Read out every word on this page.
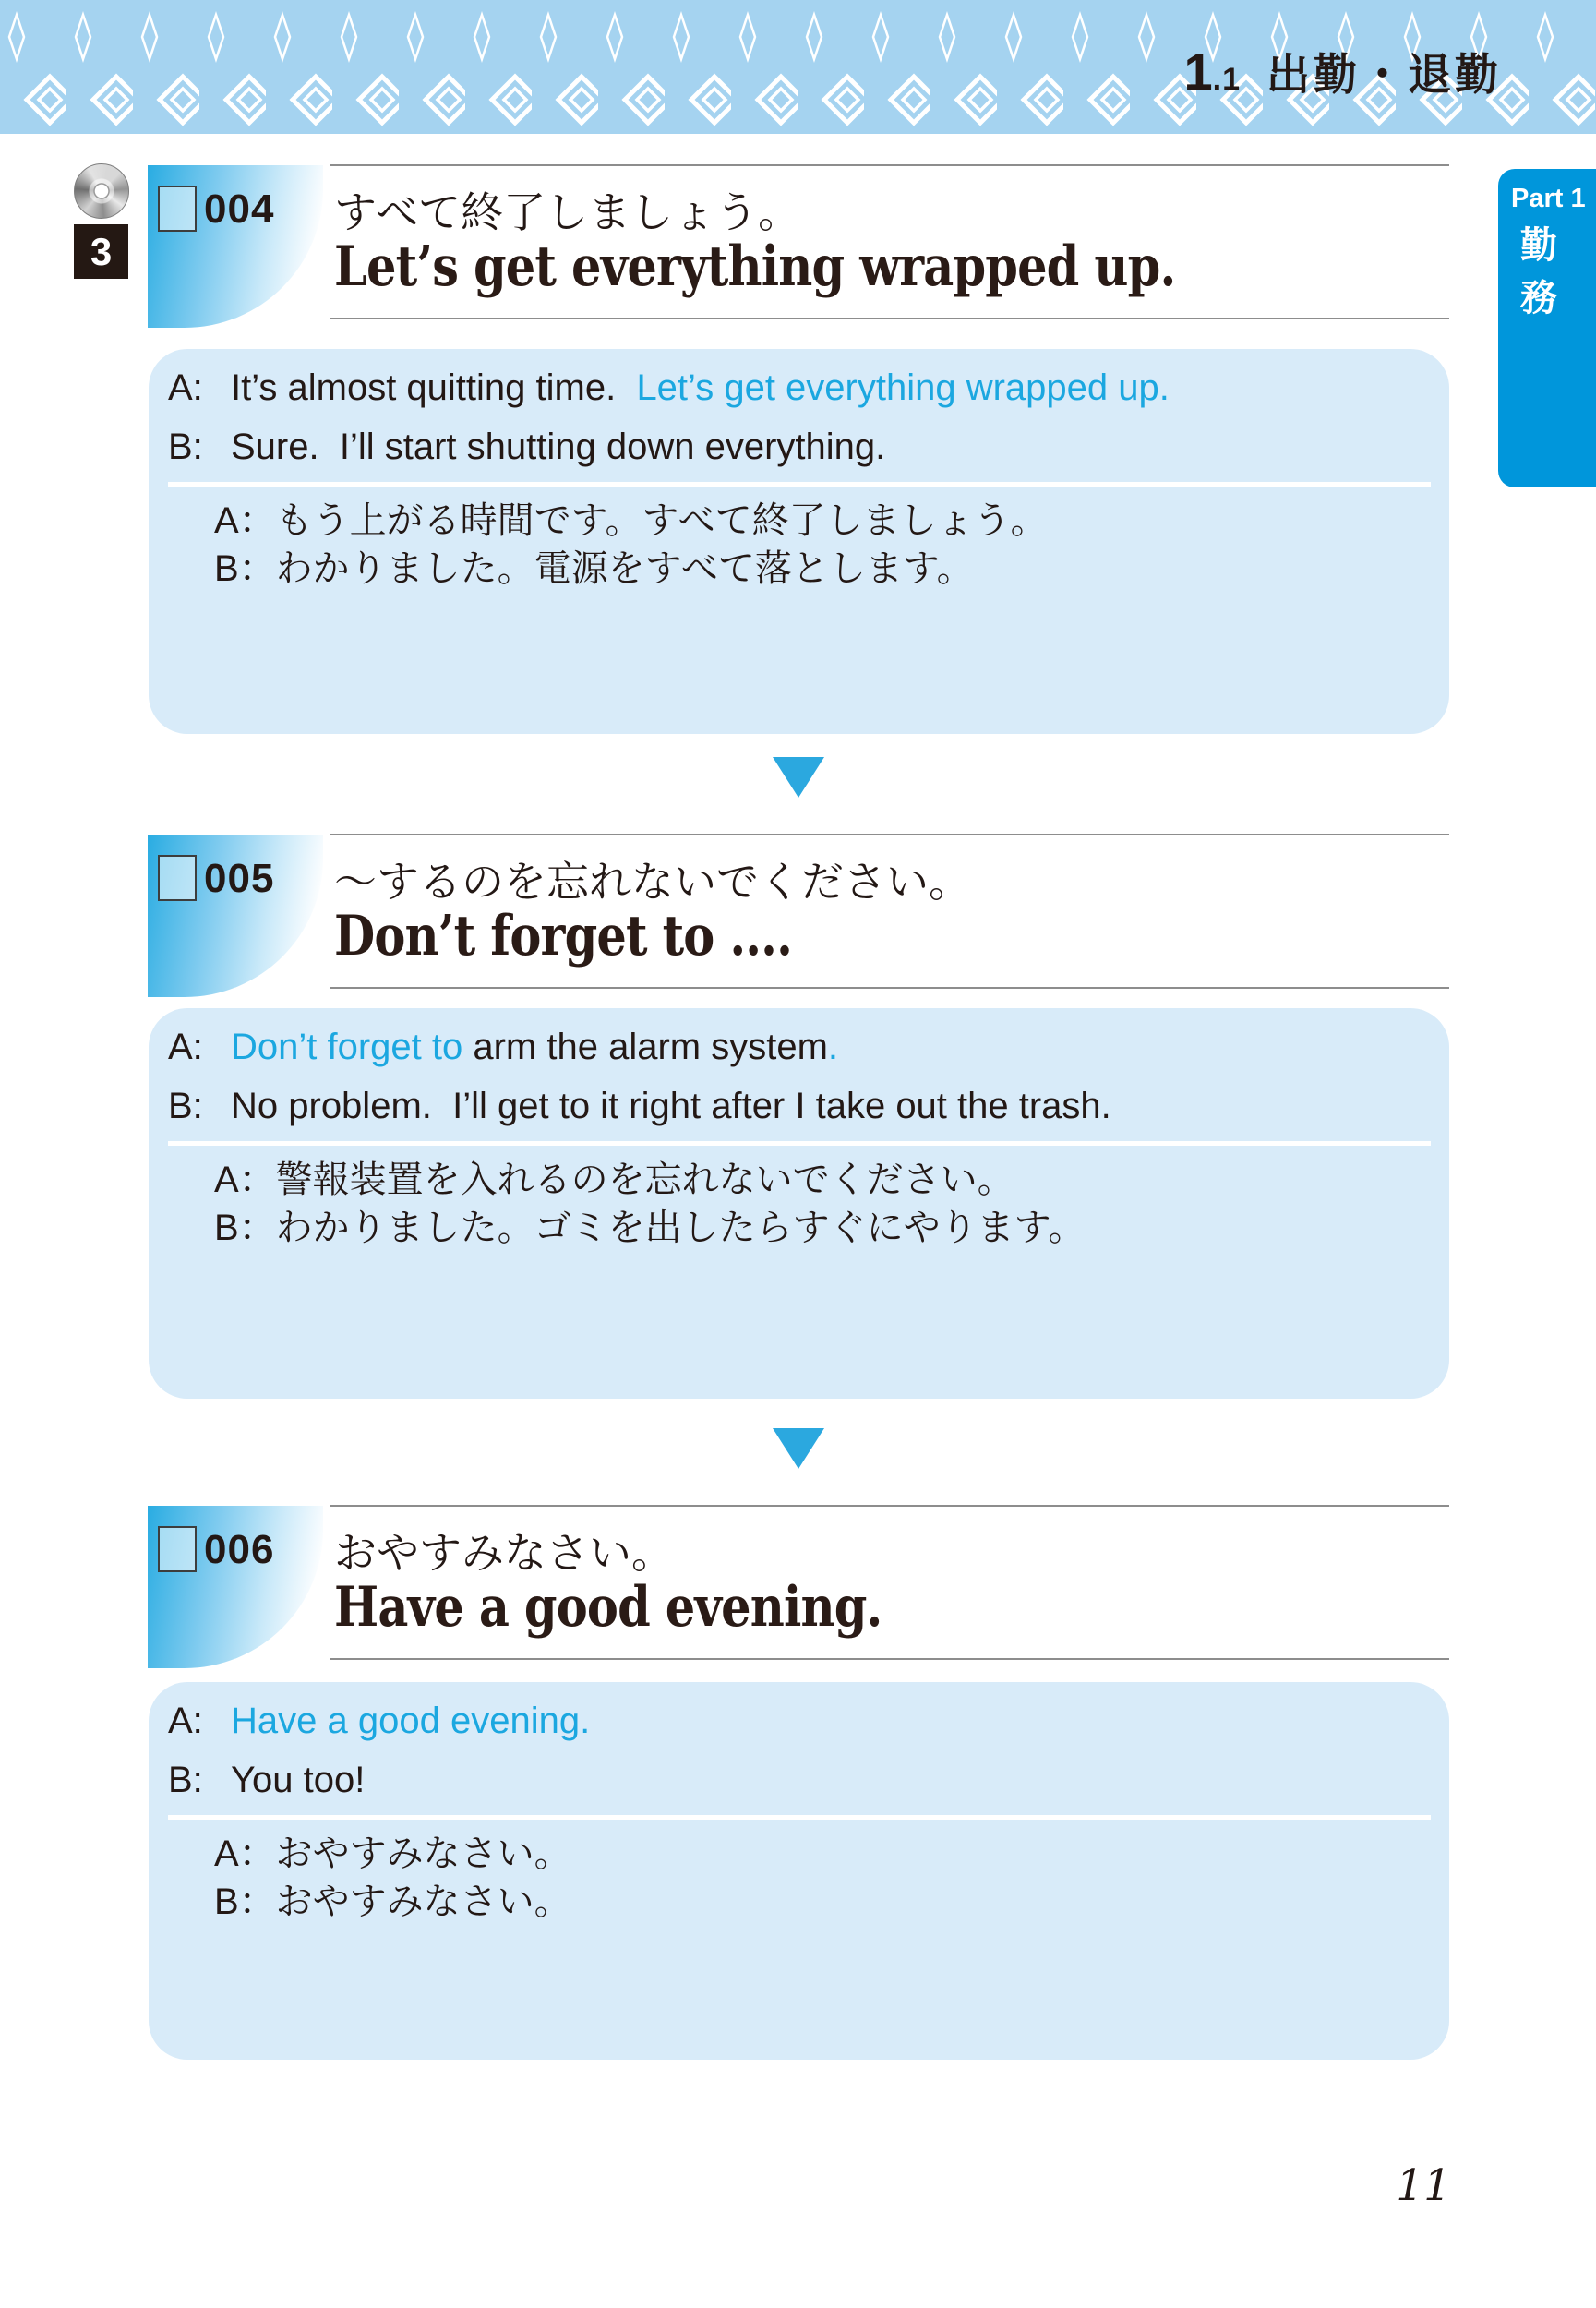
1 .1 出勤・退勤
Part 1
勤
務
3
004 すべて終了しましょう。
Let’s get everything wrapped up.
A: It’s almost quitting time.  Let’s get everything wrapped up.
B: Sure.  I’ll start shutting down everything.
A：もう上がる時間です。すべて終了しましょう。
B：わかりました。電源をすべて落とします。
005 ～するのを忘れないでください。
Don’t forget to ....
A: Don’t forget to arm the alarm system.
B: No problem.  I’ll get to it right after I take out the trash.
A：警報装置を入れるのを忘れないでください。
B：わかりました。ゴミを出したらすぐにやります。
006 おやすみなさい。
Have a good evening.
A: Have a good evening.
B: You too!
A：おやすみなさい。
B：おやすみなさい。
11
